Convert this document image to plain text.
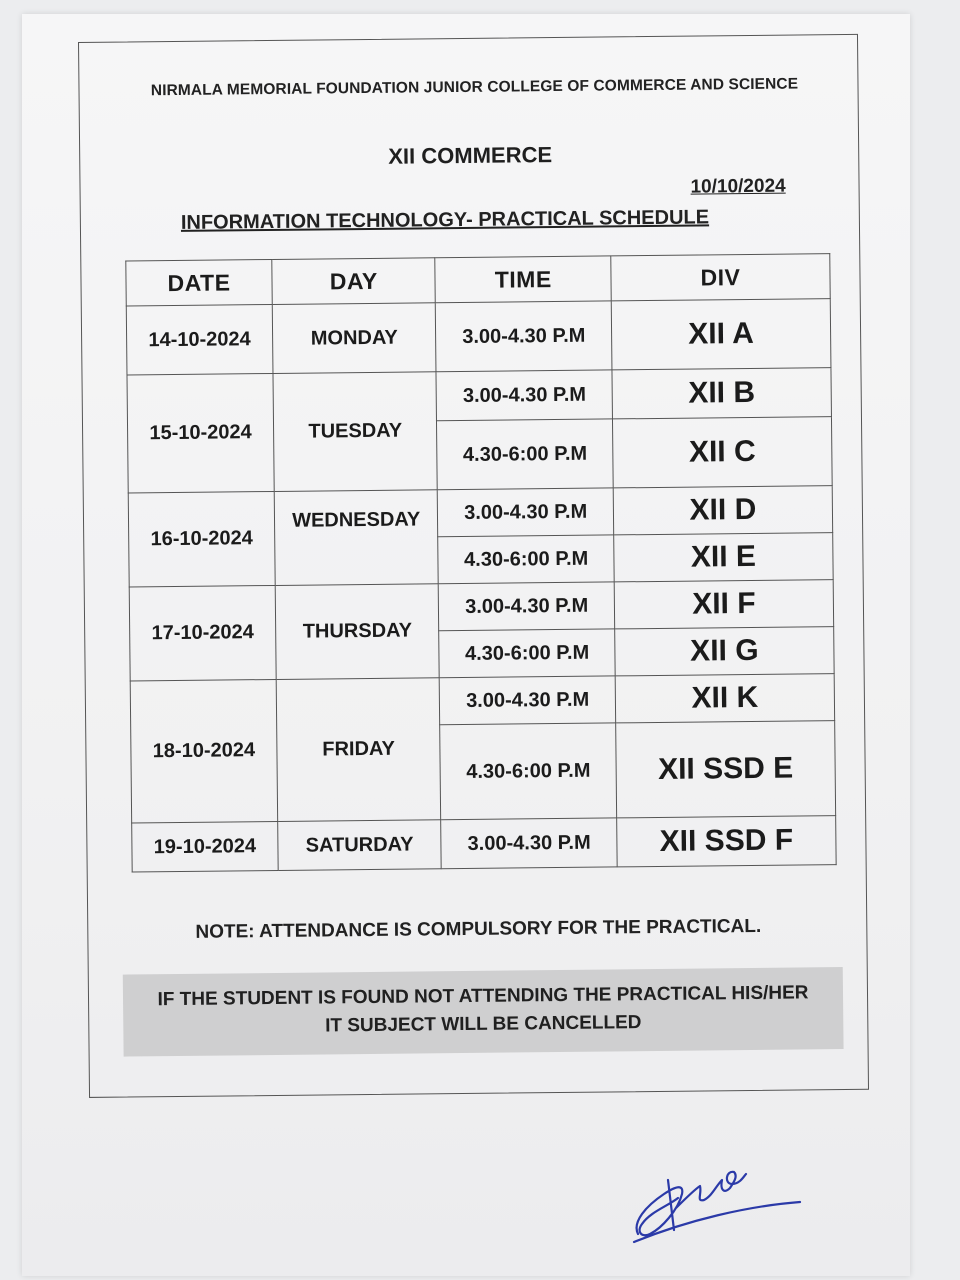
NIRMALA MEMORIAL FOUNDATION JUNIOR COLLEGE OF COMMERCE AND SCIENCE
XII COMMERCE
10/10/2024
INFORMATION TECHNOLOGY- PRACTICAL SCHEDULE
DATE	DAY	TIME	DIV
14-10-2024	MONDAY	3.00-4.30 P.M	XII A
15-10-2024	TUESDAY	3.00-4.30 P.M	XII B
		4.30-6:00 P.M	XII C
16-10-2024	WEDNESDAY	3.00-4.30 P.M	XII D
		4.30-6:00 P.M	XII E
17-10-2024	THURSDAY	3.00-4.30 P.M	XII F
		4.30-6:00 P.M	XII G
18-10-2024	FRIDAY	3.00-4.30 P.M	XII K
		4.30-6:00 P.M	XII SSD E
19-10-2024	SATURDAY	3.00-4.30 P.M	XII SSD F
NOTE: ATTENDANCE IS COMPULSORY FOR THE PRACTICAL.
IF THE STUDENT IS FOUND NOT ATTENDING THE PRACTICAL HIS/HER
IT SUBJECT WILL BE CANCELLED
